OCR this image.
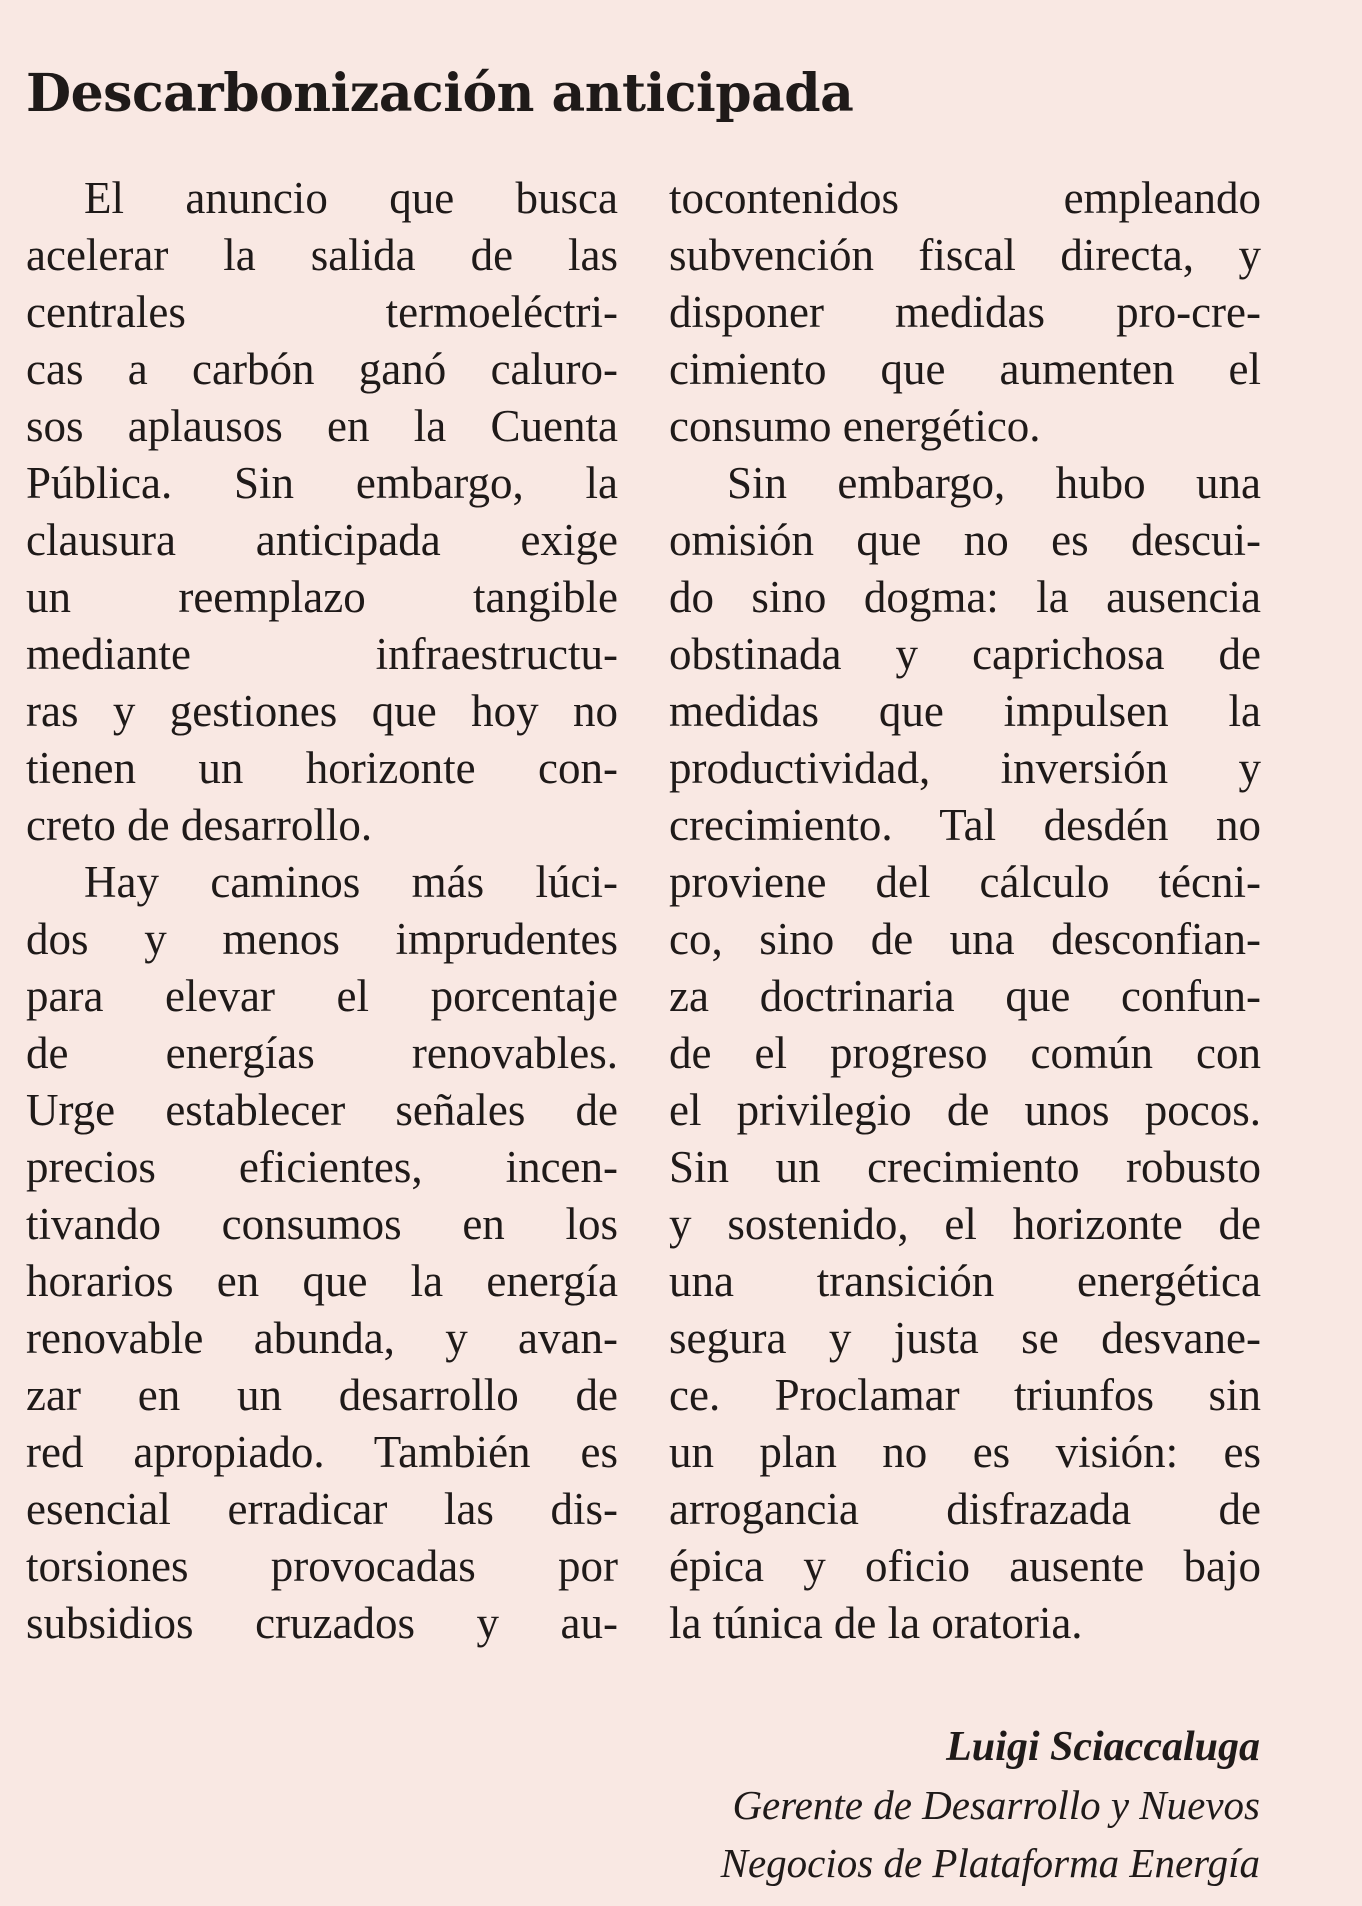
Descarbonización anticipada
El anuncio que busca
acelerar la salida de las
centrales termoeléctri-
cas a carbón ganó caluro-
sos aplausos en la Cuenta
Pública. Sin embargo, la
clausura anticipada exige
un reemplazo tangible
mediante infraestructu-
ras y gestiones que hoy no
tienen un horizonte con-
creto de desarrollo.
Hay caminos más lúci-
dos y menos imprudentes
para elevar el porcentaje
de energías renovables.
Urge establecer señales de
precios eficientes, incen-
tivando consumos en los
horarios en que la energía
renovable abunda, y avan-
zar en un desarrollo de
red apropiado. También es
esencial erradicar las dis-
torsiones provocadas por
subsidios cruzados y au-
tocontenidos empleando
subvención fiscal directa, y
disponer medidas pro-cre-
cimiento que aumenten el
consumo energético.
Sin embargo, hubo una
omisión que no es descui-
do sino dogma: la ausencia
obstinada y caprichosa de
medidas que impulsen la
productividad, inversión y
crecimiento. Tal desdén no
proviene del cálculo técni-
co, sino de una desconfian-
za doctrinaria que confun-
de el progreso común con
el privilegio de unos pocos.
Sin un crecimiento robusto
y sostenido, el horizonte de
una transición energética
segura y justa se desvane-
ce. Proclamar triunfos sin
un plan no es visión: es
arrogancia disfrazada de
épica y oficio ausente bajo
la túnica de la oratoria.
Luigi Sciaccaluga
Gerente de Desarrollo y Nuevos
Negocios de Plataforma Energía
